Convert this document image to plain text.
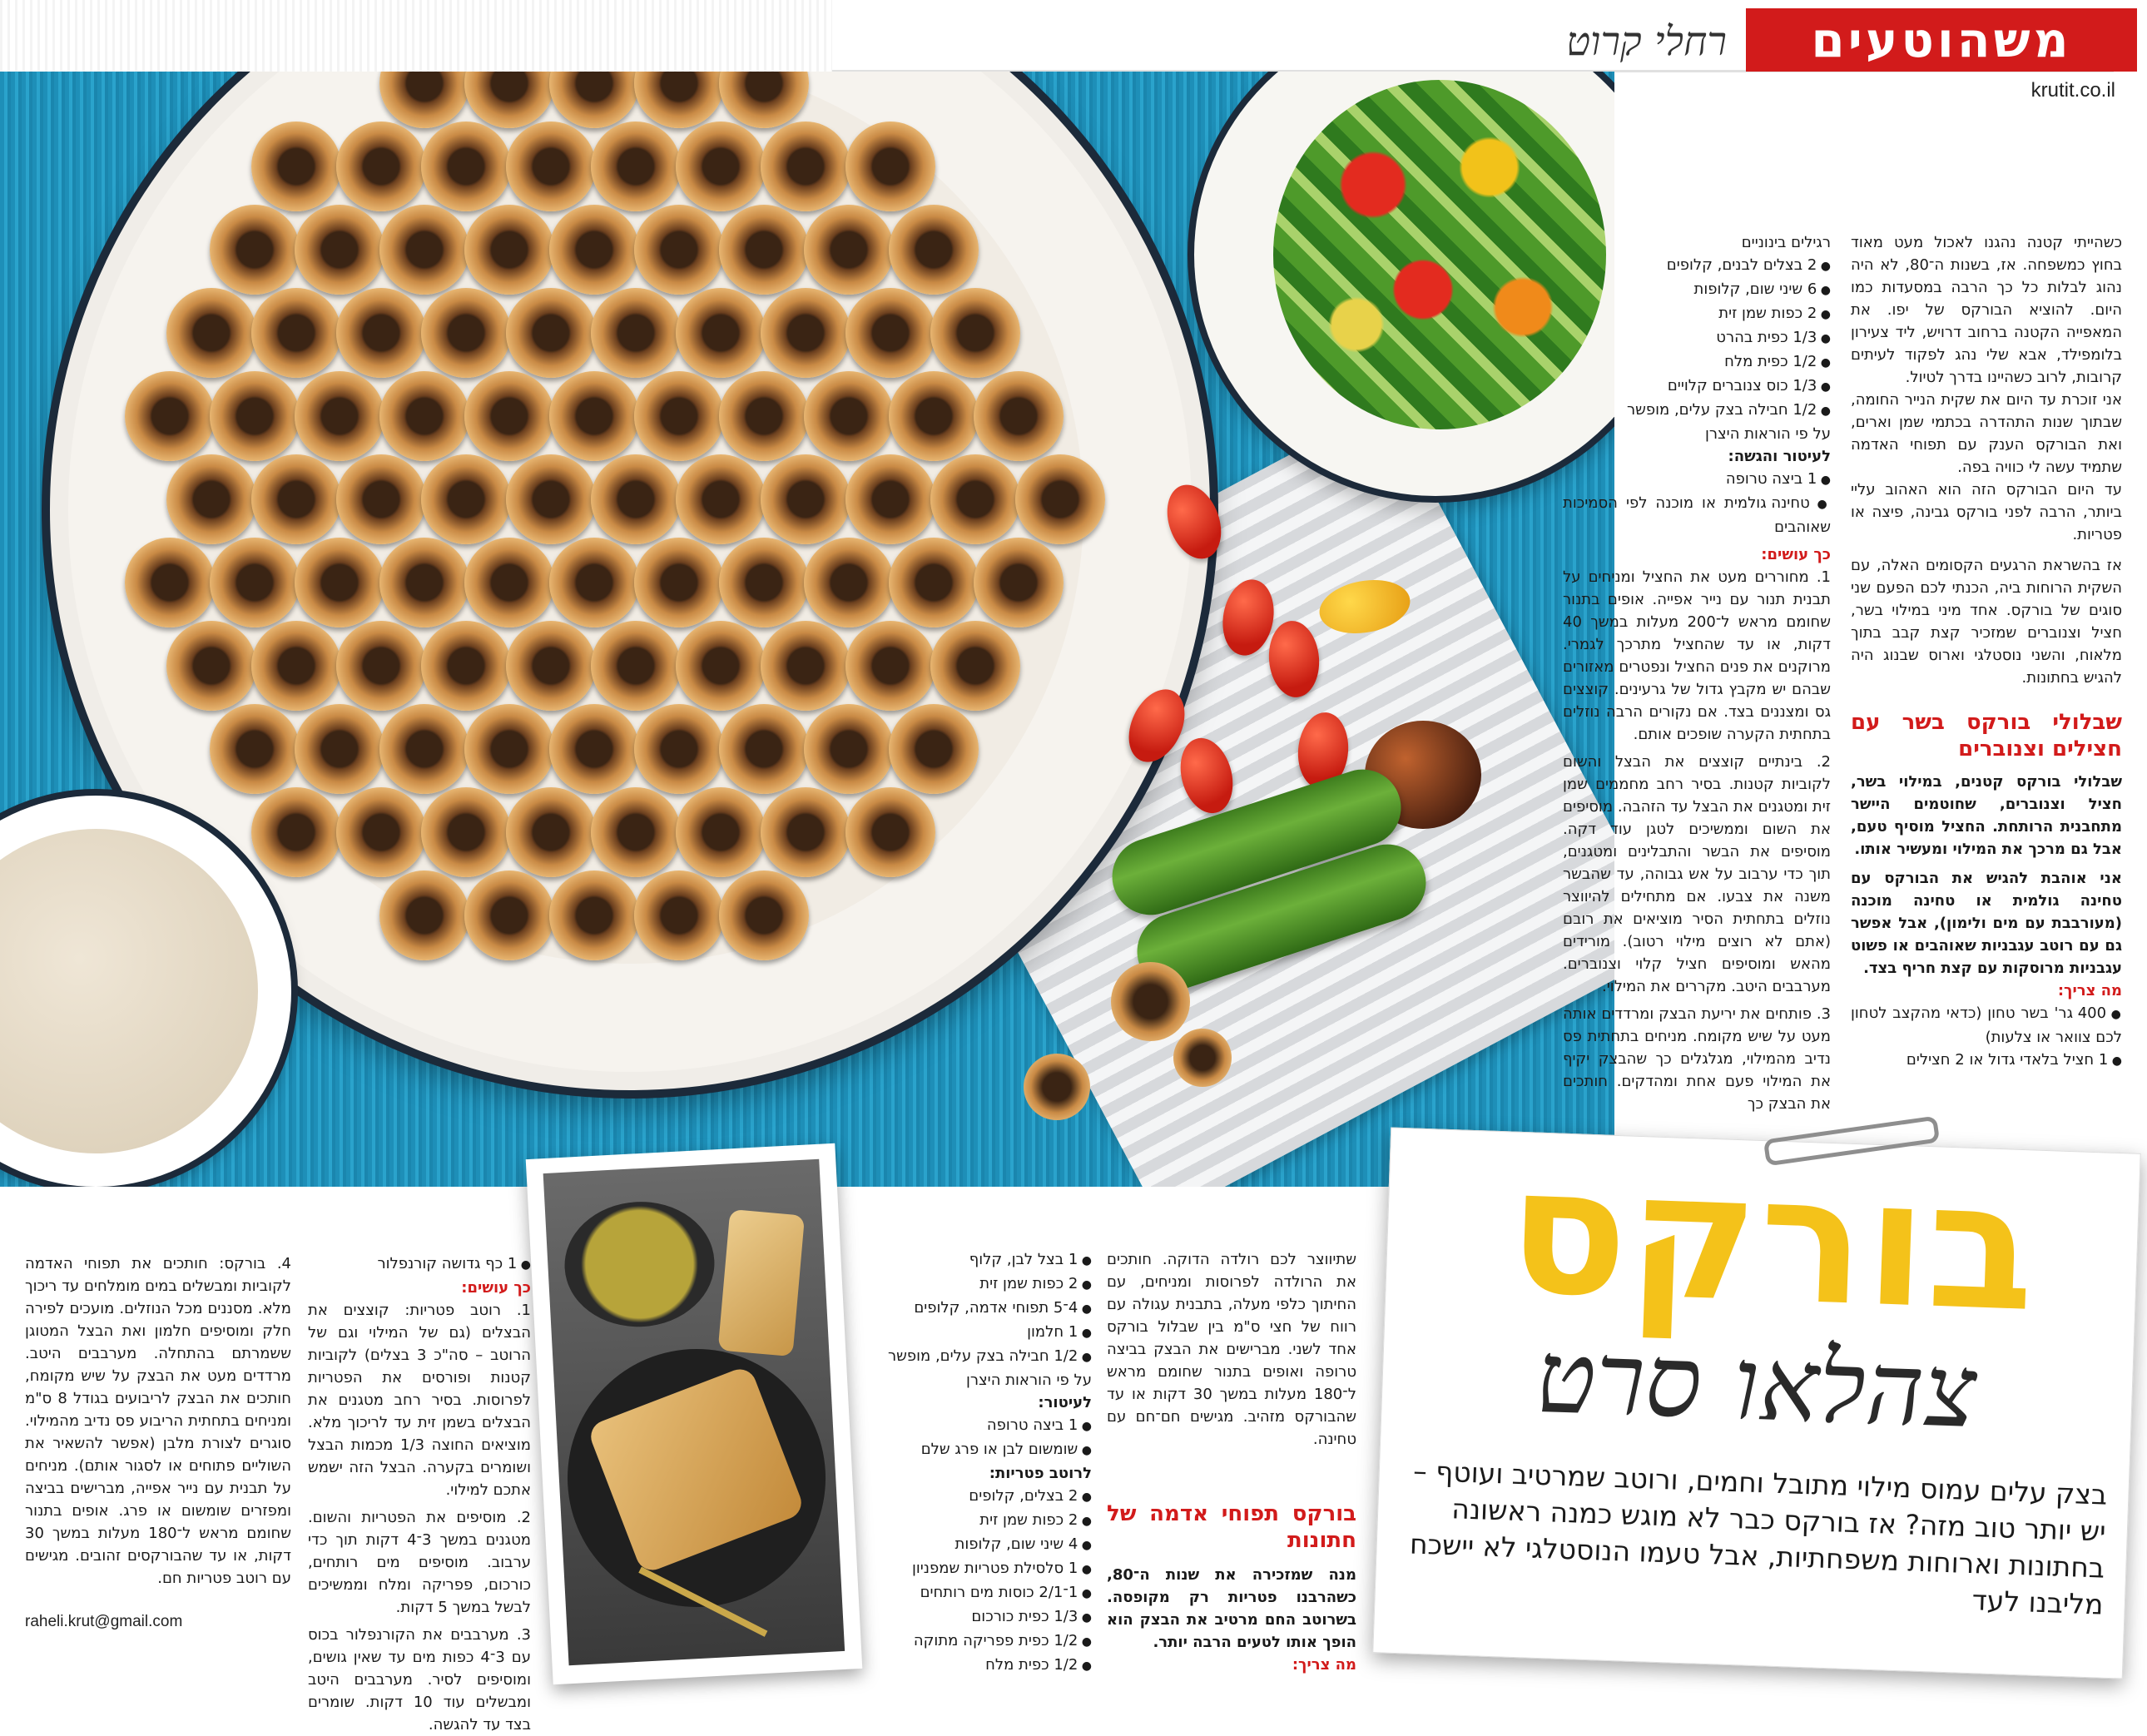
משהוטעים
רחלי קרוט
krutit.co.il

כשהייתי קטנה נהגנו לאכול מעט מאוד בחוץ כמשפחה. אז, בשנות ה־80, לא היה נהוג לבלות כל כך הרבה במסעדות כמו היום. להוציא הבורקס של יפו. את המאפייה הקטנה ברחוב דרויש, ליד צעירון בלומפילד, אבא שלי נהג לפקוד לעיתים קרובות, לרוב כשהיינו בדרך לטיול.

אני זוכרת עד היום את שקית הנייר החומה, שבתוך שנות התהדרה בכתמי שמן וארים, ואת הבורקס הענק עם תפוחי האדמה שתמיד עשה לי כוויה בפה.

עד היום הבורקס הזה הוא האהוב עליי ביותר, הרבה לפני בורקס גבינה, פיצה או פטריות.

אז בהשראת הרגעים הקסומים האלה, עם השקית הרוחות ביה, הכנתי לכם הפעם שני סוגים של בורקס. אחד מיני במילוי בשר, חציל וצנוברים שמזכיר קצת קבב בתוך מלאוח, והשני נוסטלגי וארוס שבנוג היה להגיש בחתונות.

שבלולי בורקס בשר עם חצילים וצנוברים

שבלולי בורקס קטנים, במילוי בשר, חציל וצנוברים, שחוטמים היישר מתחבנית הרותחת. החציל מוסיף טעם, אבל גם מרכך את המילוי ומעשיר אותו.

אני אוהבת להגיש את הבורקס עם טחינה גולמית או טחינה מוכנה (מעורבבת עם מים ולימון), אבל אפשר גם עם רוטב עגבניות שאוהבים או פשוט עגבניות מרוסקות עם קצת חריף בצד.

מה צריך:
● 400 גר' בשר טחון (כדאי מהקצב לטחון לכם צוואר או צלעות)
● 1 חציל בלאדי גדול או 2 חצילים

רגילים בינוניים

● 2 בצלים לבנים, קלופים
● 6 שיני שום, קלופות
● 2 כפות שמן זית
● 1/3 כפית בהרט
● 1/2 כפית מלח
● 1/3 כוס צנוברים קלויים
● 1/2 חבילה בצק עלים, מופשר

על פי הוראות היצרן

לעיטור והגשה:
● 1 ביצה טרופה
● טחינה גולמית או מוכנה לפי הסמיכות שאוהבים
כך עושים:

1. מחוררים מעט את החציל ומניחים על תבנית תנור עם נייר אפייה. אופים בתנור שחומם מראש ל־200 מעלות במשך 40 דקות, או עד שהחציל מתרכך לגמרי. מרוקנים את פנים החציל ונפטרים מאזורים שבהם יש מקבץ גדול של גרעינים. קוצצים גס ומצננים בצד. אם נקורים הרבה נוזלים בתחתית הקערה שופכים אותם.

2. בינתיים קוצצים את הבצל והשום לקוביות קטנות. בסיר רחב מחממים שמן זית ומטגנים את הבצל עד הזהבה. מוסיפים את השום וממשיכים לטגן עוד דקה. מוסיפים את הבשר והתבלינים ומטגנים, תוך כדי ערבוב על אש גבוהה, עד שהבשר משנה את צבעו. אם מתחילים להיווצר נוזלים בתחתית הסיר מוציאים את רובם (אתם לא רוצים מילוי רטוב). מורידים מהאש ומוסיפים חציל קלוי וצנוברים. מערבבים היטב. מקררים את המילוי.

3. פותחים את יריעת הבצק ומרדדים אותה מעט על שיש מקומח. מניחים בתחתית פס נדיב מהמילוי, מגלגלים כך שהבצק יקיף את המילוי פעם אחת ומהדקים. חותכים את הבצק כך

בורקס
צהלאו סרט
בצק עלים עמוס מילוי מתובל וחמים, ורוטב שמרטיב ועוטף – יש יותר טוב מזה? אז בורקס כבר לא מוגש כמנה ראשונה בחתונות וארוחות משפחתיות, אבל טעמו הנוסטלגי לא יישכח מליבנו לעד

שתיווצר לכם רולדה הדוקה. חותכים את הרולדה לפרוסות ומניחים, עם החיתוך כלפי מעלה, בתבנית עגולה עם רווח של חצי ס"מ בין שבלול בורקס אחד לשני. מברישים את הבצק בביצה טרופה ואופים בתנור שחומם מראש ל־180 מעלות במשך 30 דקות או עד שהבורקס מזהיב. מגישים חם־חם עם טחינה.

בורקס תפוחי אדמה של חתונות

מנה שמזכירה את שנות ה־80, כשהרבנו פטריות רק מקופסה. בשרוטב החם מרטיב את הבצק הוא הופך אותו לטעים הרבה יותר.

מה צריך:
● 1 בצל לבן, קלוף
● 2 כפות שמן זית
● 4־5 תפוחי אדמה, קלופים
● 1 חלמון
● 1/2 חבילה בצק עלים, מופשר

על פי הוראות היצרן

לעיטור:
● 1 ביצה טרופה
● שומשום לבן או פרג שלם
לרוטב פטריות:
● 2 בצלים, קלופים
● 2 כפות שמן זית
● 4 שיני שום, קלופות
● 1 סלסילת פטריות שמפניון
● 1־2/1 כוסות מים רותחים
● 1/3 כפית כורכום
● 1/2 כפית פפריקה מתוקה
● 1/2 כפית מלח
● 1 כף גדושה קורנפלור
כך עושים:

1. רוטב פטריות: קוצצים את הבצלים (גם של המילוי וגם של הרוטב – סה"כ 3 בצלים) לקוביות קטנות ופורסים את הפטריות לפרוסות. בסיר רחב מטגנים את הבצלים בשמן זית עד לריכוך מלא. מוציאים החוצה 1/3 מכמות הבצל ושומרים בקערה. הבצל הזה ישמש אתכם למילוי.

2. מוסיפים את הפטריות והשום. מטגנים במשך 3־4 דקות תוך כדי ערבוב. מוסיפים מים רותחים, כורכום, פפריקה ומלח וממשיכים לבשל במשך 5 דקות.

3. מערבבים את הקורנפלור בכוס עם 3־4 כפות מים עד שאין גושים, ומוסיפים לסיר. מערבבים היטב ומבשלים עוד 10 דקות. שומרים בצד עד להגשה.

4. בורקס: חותכים את תפוחי האדמה לקוביות ומבשלים במים מומלחים עד ריכוך מלא. מסננים מכל הנוזלים. מועכים לפירה חלק ומוסיפים חלמון ואת הבצל המטוגן ששמרתם בהתחלה. מערבבים היטב. מרדדים מעט את הבצק על שיש מקומח, חותכים את הבצק לריבועים בגודל 8 ס"מ ומניחים בתחתית הריבוע פס נדיב מהמילוי. סוגרים לצורת מלבן (אפשר להשאיר את השוליים פתוחים או לסגור אותם). מניחים על תבנית עם נייר אפייה, מברישים בביצה ומפזרים שומשום או פרג. אופים בתנור שחומם מראש ל־180 מעלות במשך 30 דקות, או עד שהבורקסים זהובים. מגישים עם רוטב פטריות חם.

raheli.krut@gmail.com
